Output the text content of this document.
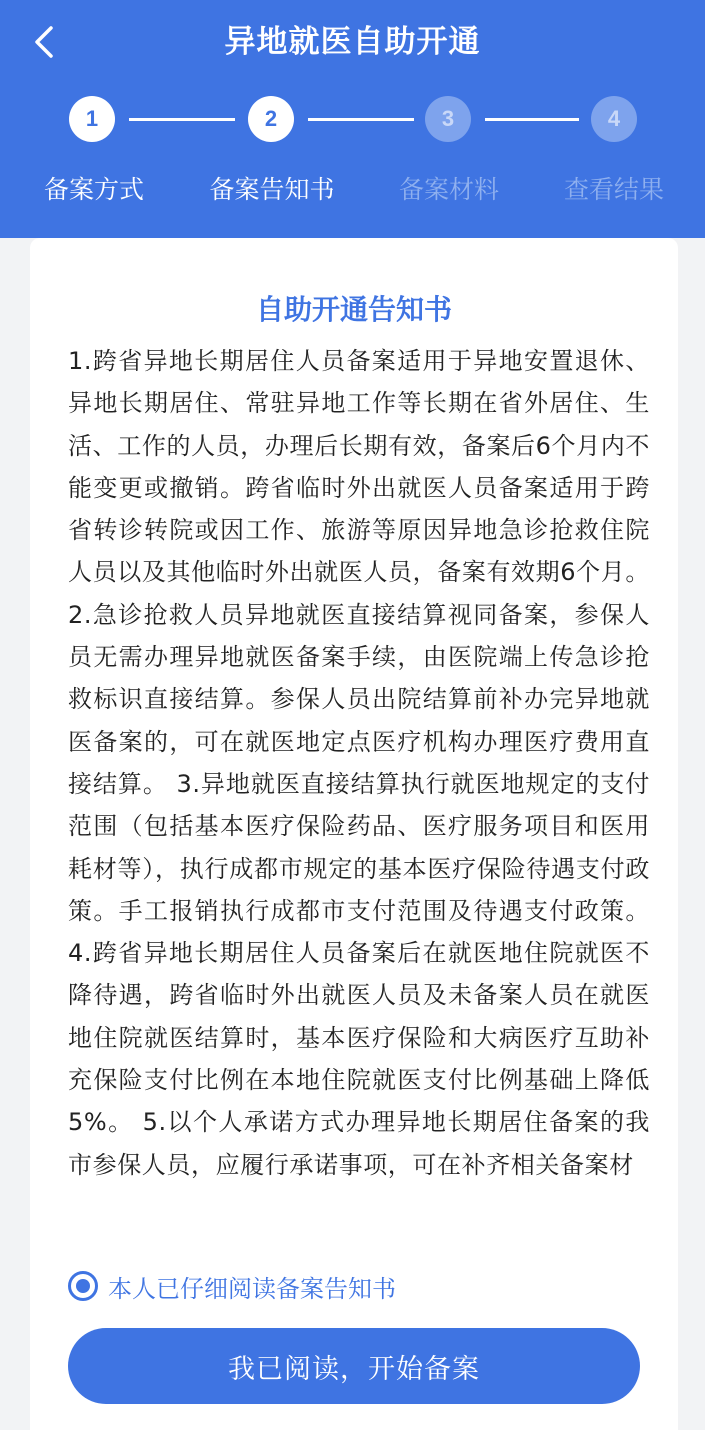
异地就医自助开通
1	2	3	4
备案方式	备案告知书	备案材料	查看结果
自助开通告知书
1.跨省异地长期居住人员备案适用于异地安置退休、异地长期居住、常驻异地工作等长期在省外居住、生活、工作的人员，办理后长期有效，备案后6个月内不能变更或撤销。跨省临时外出就医人员备案适用于跨省转诊转院或因工作、旅游等原因异地急诊抢救住院人员以及其他临时外出就医人员，备案有效期6个月。 2.急诊抢救人员异地就医直接结算视同备案，参保人员无需办理异地就医备案手续，由医院端上传急诊抢救标识直接结算。参保人员出院结算前补办完异地就医备案的，可在就医地定点医疗机构办理医疗费用直接结算。 3.异地就医直接结算执行就医地规定的支付范围（包括基本医疗保险药品、医疗服务项目和医用耗材等），执行成都市规定的基本医疗保险待遇支付政策。手工报销执行成都市支付范围及待遇支付政策。 4.跨省异地长期居住人员备案后在就医地住院就医不降待遇，跨省临时外出就医人员及未备案人员在就医地住院就医结算时，基本医疗保险和大病医疗互助补充保险支付比例在本地住院就医支付比例基础上降低5%。 5.以个人承诺方式办理异地长期居住备案的我市参保人员，应履行承诺事项，可在补齐相关备案材
本人已仔细阅读备案告知书
我已阅读，开始备案
